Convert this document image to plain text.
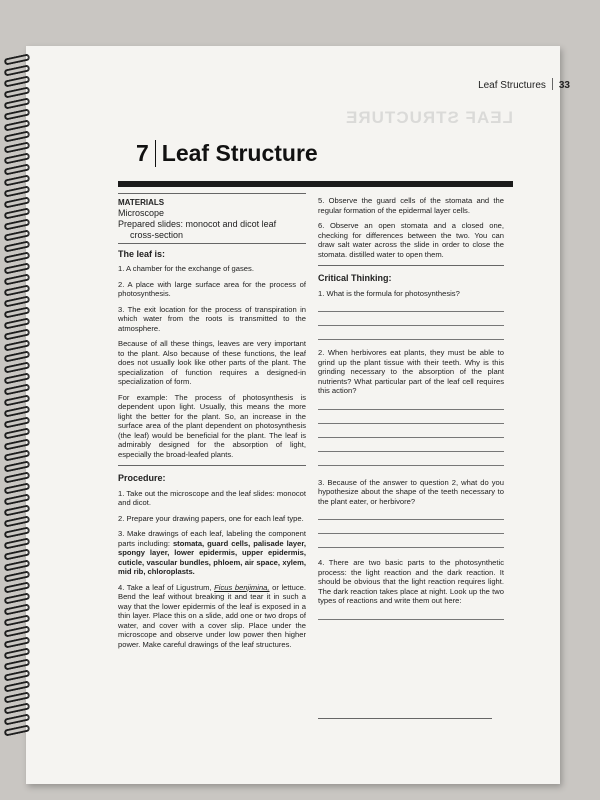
Leaf Structures 33
LEAF STRUCTURE
7 Leaf Structure
MATERIALS
Microscope
Prepared slides: monocot and dicot leaf
cross-section
The leaf is:

1. A chamber for the exchange of gases.

2. A place with large surface area for the process of photosynthesis.

3. The exit location for the process of transpiration in which water from the roots is transmitted to the atmosphere.

Because of all these things, leaves are very important to the plant. Also because of these functions, the leaf does not usually look like other parts of the plant. The specialization of function requires a designed-in specialization of form.

For example: The process of photosynthesis is dependent upon light. Usually, this means the more light the better for the plant. So, an increase in the surface area of the plant dependent on photosynthesis (the leaf) would be beneficial for the plant. The leaf is admirably designed for the absorption of light, especially the broad-leafed plants.

Procedure:

1. Take out the microscope and the leaf slides: monocot and dicot.

2. Prepare your drawing papers, one for each leaf type.

3. Make drawings of each leaf, labeling the component parts including: stomata, guard cells, palisade layer, spongy layer, lower epidermis, upper epidermis, cuticle, vascular bundles, phloem, air space, xylem, mid rib, chloroplasts.

4. Take a leaf of Ligustrum, Ficus benjimina, or lettuce. Bend the leaf without breaking it and tear it in such a way that the lower epidermis of the leaf is exposed in a thin layer. Place this on a slide, add one or two drops of water, and cover with a cover slip. Place under the microscope and observe under low power then higher power. Make careful drawings of the leaf structures.

5. Observe the guard cells of the stomata and the regular formation of the epidermal layer cells.

6. Observe an open stomata and a closed one, checking for differences between the two. You can draw salt water across the slide in order to close the stomata. distilled water to open them.

Critical Thinking:

1. What is the formula for photosynthesis?

2. When herbivores eat plants, they must be able to grind up the plant tissue with their teeth. Why is this grinding necessary to the absorption of the plant nutrients? What particular part of the leaf cell requires this action?

3. Because of the answer to question 2, what do you hypothesize about the shape of the teeth necessary to the plant eater, or herbivore?

4. There are two basic parts to the photosynthetic process: the light reaction and the dark reaction. It should be obvious that the light reaction requires light. The dark reaction takes place at night. Look up the two types of reactions and write them out here:
